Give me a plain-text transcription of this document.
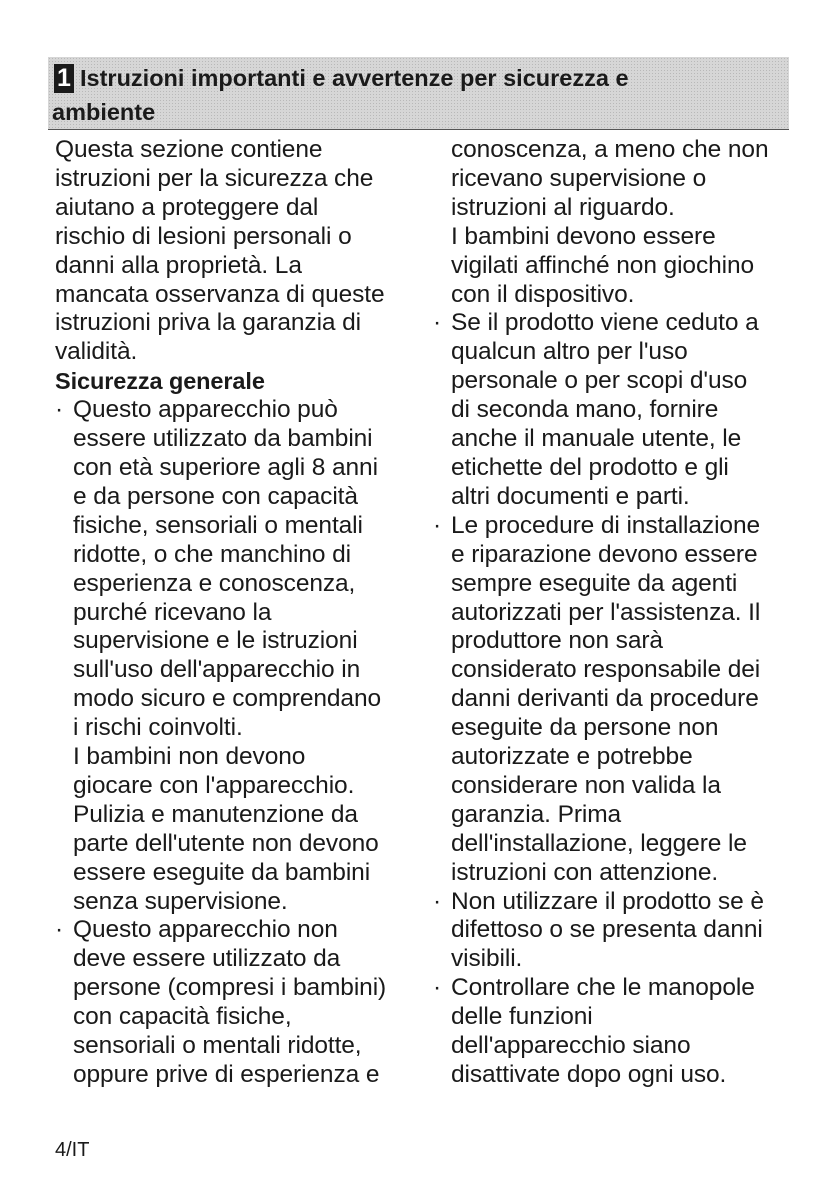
1 Istruzioni importanti e avvertenze per sicurezza e
ambiente
Questa sezione contiene
istruzioni per la sicurezza che
aiutano a proteggere dal
rischio di lesioni personali o
danni alla proprietà. La
mancata osservanza di queste
istruzioni priva la garanzia di
validità.
Sicurezza generale
· Questo apparecchio può
essere utilizzato da bambini
con età superiore agli 8 anni
e da persone con capacità
fisiche, sensoriali o mentali
ridotte, o che manchino di
esperienza e conoscenza,
purché ricevano la
supervisione e le istruzioni
sull'uso dell'apparecchio in
modo sicuro e comprendano
i rischi coinvolti.
I bambini non devono
giocare con l'apparecchio.
Pulizia e manutenzione da
parte dell'utente non devono
essere eseguite da bambini
senza supervisione.
· Questo apparecchio non
deve essere utilizzato da
persone (compresi i bambini)
con capacità fisiche,
sensoriali o mentali ridotte,
oppure prive di esperienza e
conoscenza, a meno che non
ricevano supervisione o
istruzioni al riguardo.
I bambini devono essere
vigilati affinché non giochino
con il dispositivo.
· Se il prodotto viene ceduto a
qualcun altro per l'uso
personale o per scopi d'uso
di seconda mano, fornire
anche il manuale utente, le
etichette del prodotto e gli
altri documenti e parti.
· Le procedure di installazione
e riparazione devono essere
sempre eseguite da agenti
autorizzati per l'assistenza. Il
produttore non sarà
considerato responsabile dei
danni derivanti da procedure
eseguite da persone non
autorizzate e potrebbe
considerare non valida la
garanzia. Prima
dell'installazione, leggere le
istruzioni con attenzione.
· Non utilizzare il prodotto se è
difettoso o se presenta danni
visibili.
· Controllare che le manopole
delle funzioni
dell'apparecchio siano
disattivate dopo ogni uso.
4/IT
